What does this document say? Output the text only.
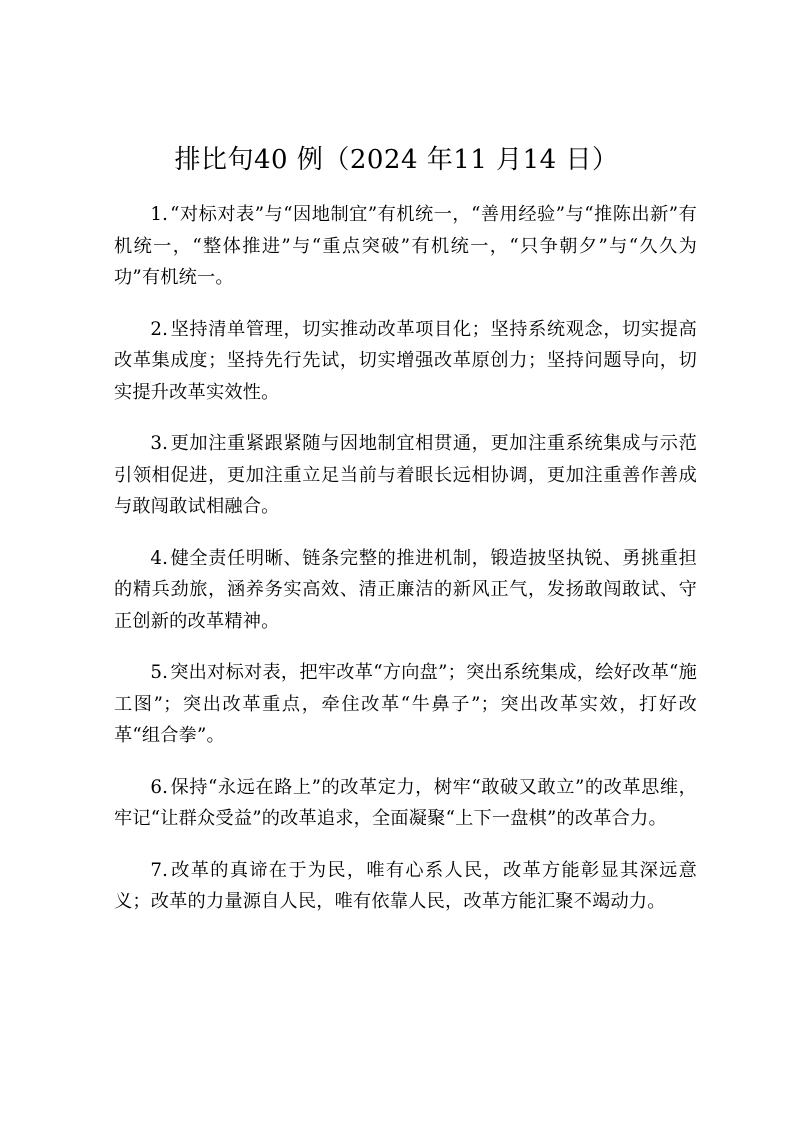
排比句40 例（2024 年11 月14 日）

1. “对标对表”与“因地制宜”有机统一，“善用经验”与“推陈出新”有机统一，“整体推进”与“重点突破”有机统一，“只争朝夕”与“久久为功”有机统一。

2. 坚持清单管理，切实推动改革项目化；坚持系统观念，切实提高改革集成度；坚持先行先试，切实增强改革原创力；坚持问题导向，切实提升改革实效性。

3. 更加注重紧跟紧随与因地制宜相贯通，更加注重系统集成与示范引领相促进，更加注重立足当前与着眼长远相协调，更加注重善作善成与敢闯敢试相融合。

4. 健全责任明晰、链条完整的推进机制，锻造披坚执锐、勇挑重担的精兵劲旅，涵养务实高效、清正廉洁的新风正气，发扬敢闯敢试、守正创新的改革精神。

5. 突出对标对表，把牢改革“方向盘”；突出系统集成，绘好改革“施工图”；突出改革重点，牵住改革“牛鼻子”；突出改革实效，打好改革“组合拳”。

6. 保持“永远在路上”的改革定力，树牢“敢破又敢立”的改革思维，牢记“让群众受益”的改革追求，全面凝聚“上下一盘棋”的改革合力。

7. 改革的真谛在于为民，唯有心系人民，改革方能彰显其深远意义；改革的力量源自人民，唯有依靠人民，改革方能汇聚不竭动力。
